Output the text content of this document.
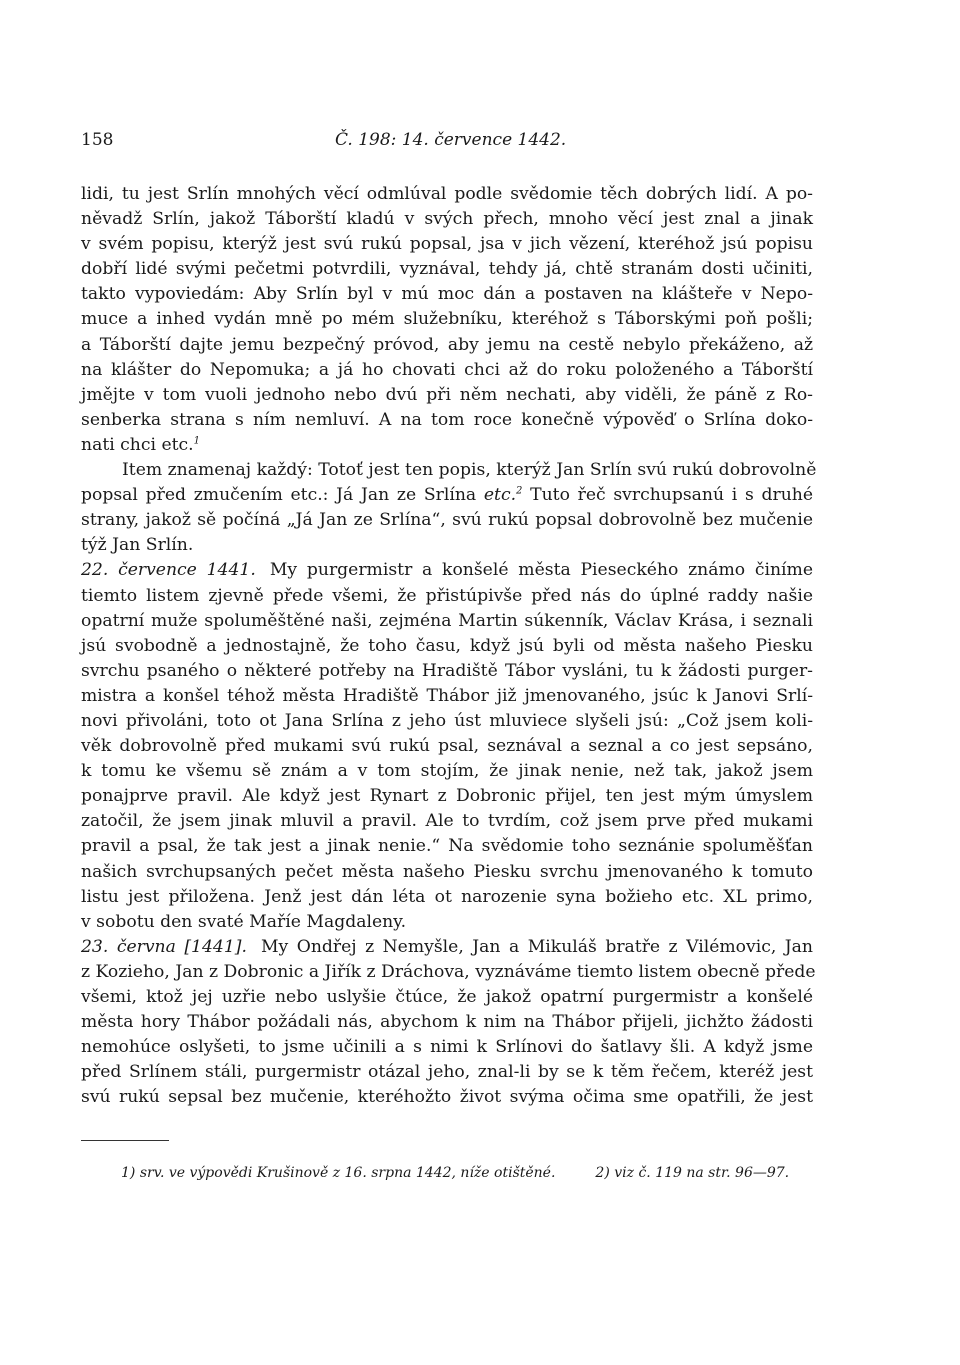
158	Č. 198: 14. července 1442.
lidi, tu jest Srlín mnohých věcí odmlúval podle svědomie těch dobrých lidí. A po-
něvadž Srlín, jakož Táborští kladú v svých přech, mnoho věcí jest znal a jinak
v svém popisu, kterýž jest svú rukú popsal, jsa v jich vězení, kteréhož jsú popisu
dobří lidé svými pečetmi potvrdili, vyznával, tehdy já, chtě stranám dosti učiniti,
takto vypoviedám: Aby Srlín byl v mú moc dán a postaven na klášteře v Nepo-
muce a inhed vydán mně po mém služebníku, kteréhož s Táborskými poň pošli;
a Táborští dajte jemu bezpečný próvod, aby jemu na cestě nebylo překáženo, až
na klášter do Nepomuka; a já ho chovati chci až do roku položeného a Táborští
jmějte v tom vuoli jednoho nebo dvú při něm nechati, aby viděli, že páně z Ro-
senberka strana s ním nemluví. A na tom roce konečně výpověď o Srlína doko-
nati chci etc.$^1$
Item znamenaj každý: Totoť jest ten popis, kterýž Jan Srlín svú rukú dobrovolně
popsal před zmučením etc.: Já Jan ze Srlína etc.$^2$ Tuto řeč svrchupsanú i s druhé
strany, jakož sě počíná „Já Jan ze Srlína“, svú rukú popsal dobrovolně bez mučenie
týž Jan Srlín.
22. července 1441. My purgermistr a konšelé města Pieseckého známo činíme
tiemto listem zjevně přede všemi, že přistúpivše před nás do úplné raddy našie
opatrní muže spoluměštěné naši, zejména Martin súkenník, Václav Krása, i seznali
jsú svobodně a jednostajně, že toho času, když jsú byli od města našeho Piesku
svrchu psaného o některé potřeby na Hradiště Tábor vysláni, tu k žádosti purger-
mistra a konšel téhož města Hradiště Thábor již jmenovaného, jsúc k Janovi Srlí-
novi přivoláni, toto ot Jana Srlína z jeho úst mluviece slyšeli jsú: „Což jsem koli-
věk dobrovolně před mukami svú rukú psal, seznával a seznal a co jest sepsáno,
k tomu ke všemu sě znám a v tom stojím, že jinak nenie, než tak, jakož jsem
ponajprve pravil. Ale když jest Rynart z Dobronic přijel, ten jest mým úmyslem
zatočil, že jsem jinak mluvil a pravil. Ale to tvrdím, což jsem prve před mukami
pravil a psal, že tak jest a jinak nenie.“ Na svědomie toho seznánie spoluměšťan
našich svrchupsaných pečet města našeho Piesku svrchu jmenovaného k tomuto
listu jest přiložena. Jenž jest dán léta ot narozenie syna božieho etc. XL primo,
v sobotu den svaté Maříe Magdaleny.
23. června [1441]. My Ondřej z Nemyšle, Jan a Mikuláš bratře z Vilémovic, Jan
z Kozieho, Jan z Dobronic a Jiřík z Dráchova, vyznáváme tiemto listem obecně přede
všemi, ktož jej uzřie nebo uslyšie čtúce, že jakož opatrní purgermistr a konšelé
města hory Thábor požádali nás, abychom k nim na Thábor přijeli, jichžto žádosti
nemohúce oslyšeti, to jsme učinili a s nimi k Srlínovi do šatlavy šli. A když jsme
před Srlínem stáli, purgermistr otázal jeho, znal-li by se k těm řečem, kteréž jest
svú rukú sepsal bez mučenie, kteréhožto život svýma očima sme opatřili, že jest
1) srv. ve výpovědi Krušinově z 16. srpna 1442, níže otištěné.	2) viz č. 119 na str. 96—97.
